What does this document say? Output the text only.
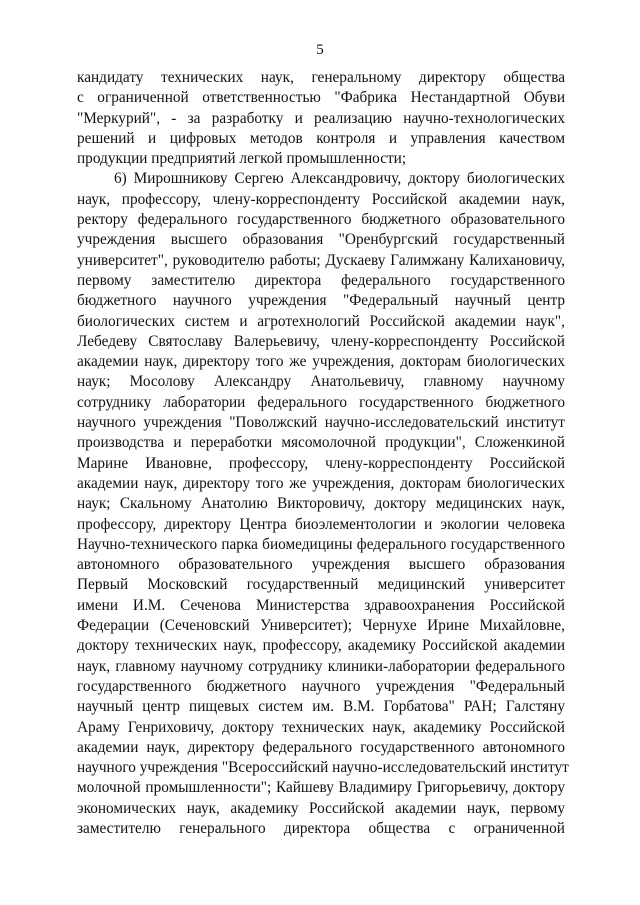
5
кандидату технических наук, генеральному директору общества
с ограниченной ответственностью "Фабрика Нестандартной Обуви
"Меркурий", - за разработку и реализацию научно-технологических
решений и цифровых методов контроля и управления качеством
продукции предприятий легкой промышленности;
6) Мирошникову Сергею Александровичу, доктору биологических
наук, профессору, члену-корреспонденту Российской академии наук,
ректору федерального государственного бюджетного образовательного
учреждения высшего образования "Оренбургский государственный
университет", руководителю работы; Дускаеву Галимжану Калихановичу,
первому заместителю директора федерального государственного
бюджетного научного учреждения "Федеральный научный центр
биологических систем и агротехнологий Российской академии наук",
Лебедеву Святославу Валерьевичу, члену-корреспонденту Российской
академии наук, директору того же учреждения, докторам биологических
наук; Мосолову Александру Анатольевичу, главному научному
сотруднику лаборатории федерального государственного бюджетного
научного учреждения "Поволжский научно-исследовательский институт
производства и переработки мясомолочной продукции", Сложенкиной
Марине Ивановне, профессору, члену-корреспонденту Российской
академии наук, директору того же учреждения, докторам биологических
наук; Скальному Анатолию Викторовичу, доктору медицинских наук,
профессору, директору Центра биоэлементологии и экологии человека
Научно-технического парка биомедицины федерального государственного
автономного образовательного учреждения высшего образования
Первый Московский государственный медицинский университет
имени И.М. Сеченова Министерства здравоохранения Российской
Федерации (Сеченовский Университет); Чернухе Ирине Михайловне,
доктору технических наук, профессору, академику Российской академии
наук, главному научному сотруднику клиники-лаборатории федерального
государственного бюджетного научного учреждения "Федеральный
научный центр пищевых систем им. В.М. Горбатова" РАН; Галстяну
Араму Генриховичу, доктору технических наук, академику Российской
академии наук, директору федерального государственного автономного
научного учреждения "Всероссийский научно-исследовательский институт
молочной промышленности"; Кайшеву Владимиру Григорьевичу, доктору
экономических наук, академику Российской академии наук, первому
заместителю генерального директора общества с ограниченной
